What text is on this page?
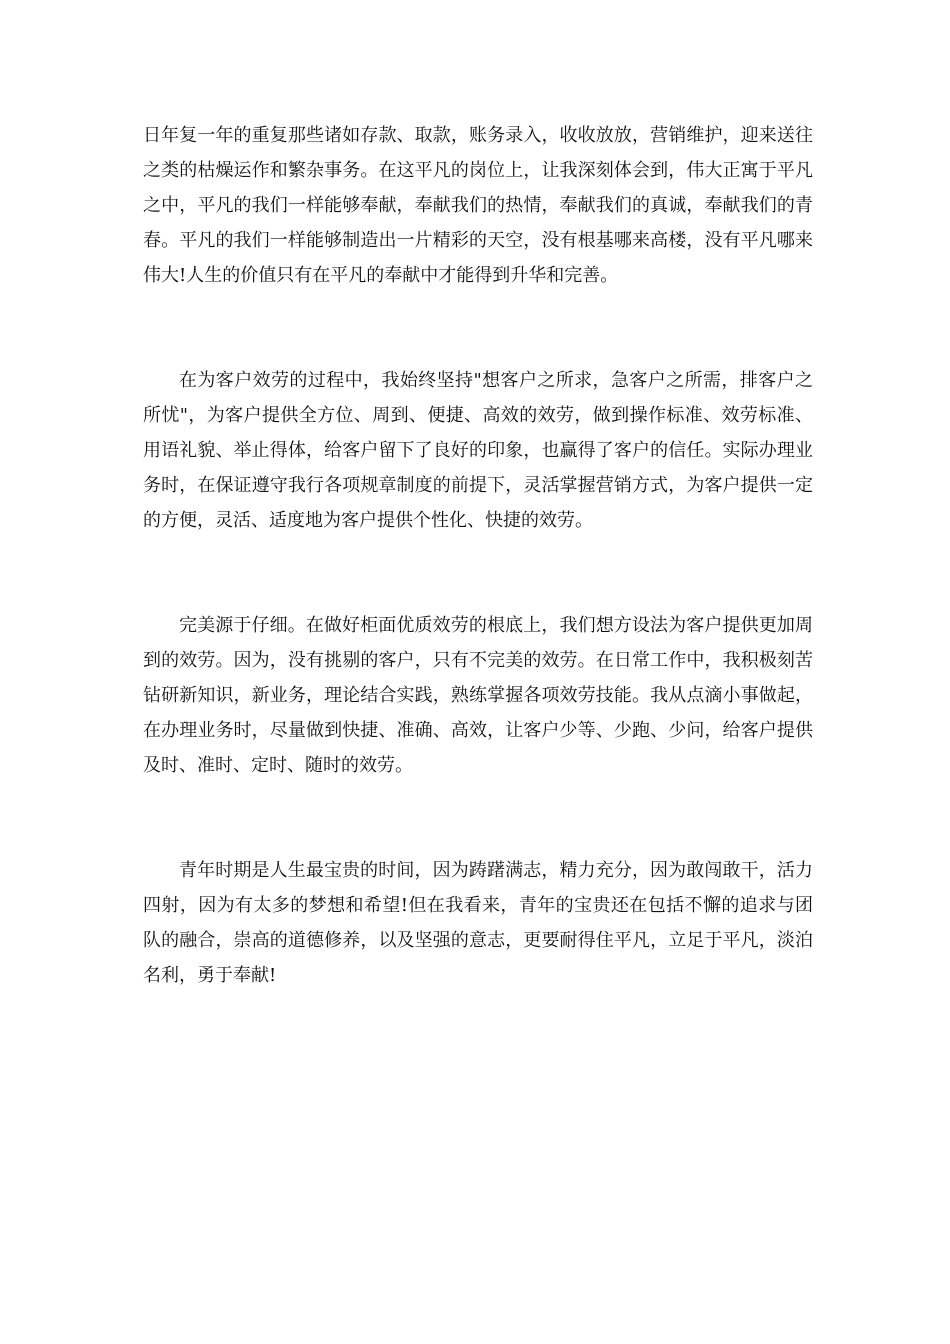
日年复一年的重复那些诸如存款、取款，账务录入，收收放放，营销维护，迎来送往之类的枯燥运作和繁杂事务。在这平凡的岗位上，让我深刻体会到，伟大正寓于平凡之中，平凡的我们一样能够奉献，奉献我们的热情，奉献我们的真诚，奉献我们的青春。平凡的我们一样能够制造出一片精彩的天空，没有根基哪来高楼，没有平凡哪来伟大!人生的价值只有在平凡的奉献中才能得到升华和完善。

在为客户效劳的过程中，我始终坚持"想客户之所求，急客户之所需，排客户之所忧"，为客户提供全方位、周到、便捷、高效的效劳，做到操作标准、效劳标准、用语礼貌、举止得体，给客户留下了良好的印象，也赢得了客户的信任。实际办理业务时，在保证遵守我行各项规章制度的前提下，灵活掌握营销方式，为客户提供一定的方便，灵活、适度地为客户提供个性化、快捷的效劳。

完美源于仔细。在做好柜面优质效劳的根底上，我们想方设法为客户提供更加周到的效劳。因为，没有挑剔的客户，只有不完美的效劳。在日常工作中，我积极刻苦钻研新知识，新业务，理论结合实践，熟练掌握各项效劳技能。我从点滴小事做起，在办理业务时，尽量做到快捷、准确、高效，让客户少等、少跑、少问，给客户提供及时、准时、定时、随时的效劳。

青年时期是人生最宝贵的时间，因为踌躇满志，精力充分，因为敢闯敢干，活力四射，因为有太多的梦想和希望!但在我看来，青年的宝贵还在包括不懈的追求与团队的融合，崇高的道德修养，以及坚强的意志，更要耐得住平凡，立足于平凡，淡泊名利，勇于奉献!
